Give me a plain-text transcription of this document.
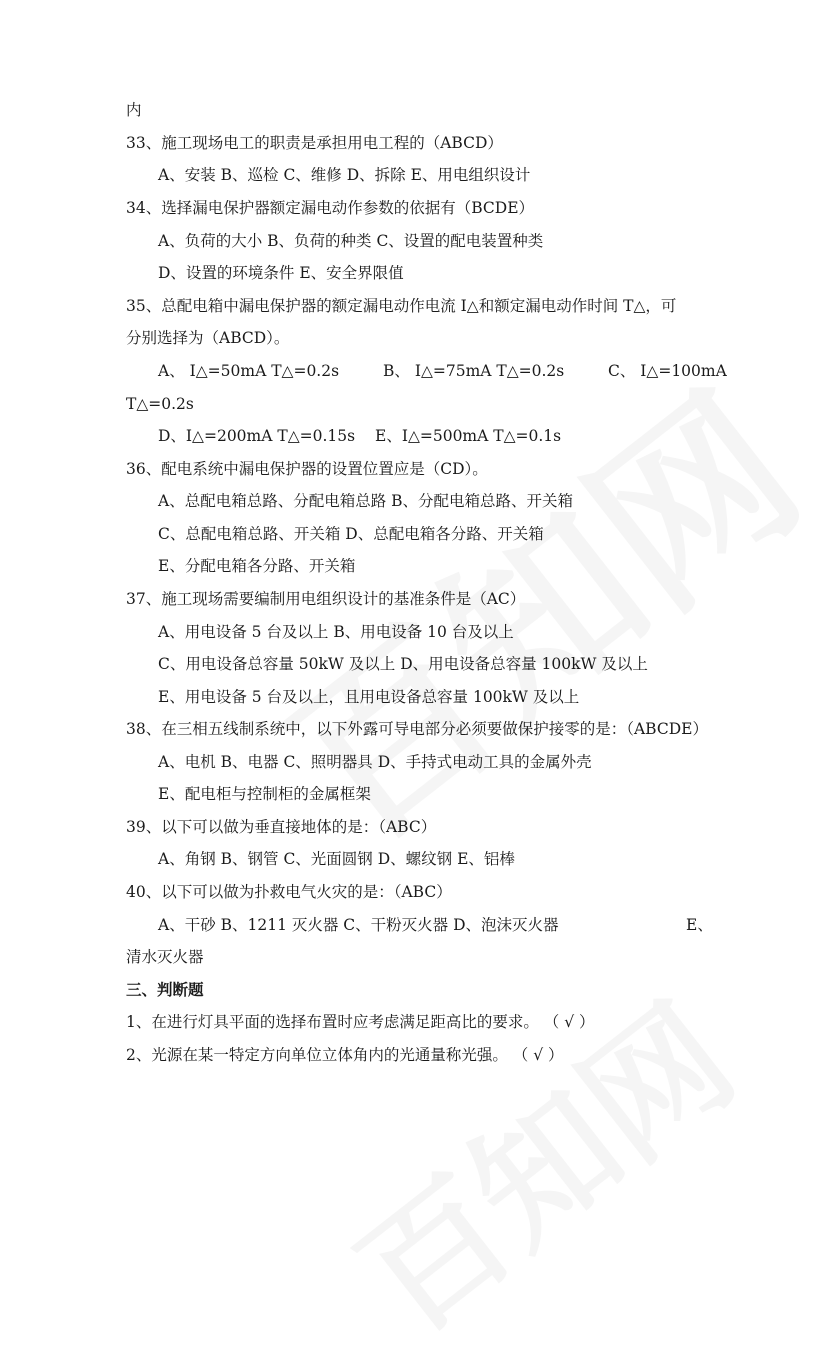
内
33、施工现场电工的职责是承担用电工程的（ABCD）
A、安装 B、巡检 C、维修 D、拆除 E、用电组织设计
34、选择漏电保护器额定漏电动作参数的依据有（BCDE）
A、负荷的大小 B、负荷的种类 C、设置的配电装置种类
D、设置的环境条件 E、安全界限值
35、总配电箱中漏电保护器的额定漏电动作电流 I△和额定漏电动作时间 T△，可
分别选择为（ABCD）。
A、 I△=50mA T△=0.2s	B、 I△=75mA T△=0.2s	C、 I△=100mA
T△=0.2s
D、I△=200mA T△=0.15s E、I△=500mA T△=0.1s
36、配电系统中漏电保护器的设置位置应是（CD）。
A、总配电箱总路、分配电箱总路 B、分配电箱总路、开关箱
C、总配电箱总路、开关箱 D、总配电箱各分路、开关箱
E、分配电箱各分路、开关箱
37、施工现场需要编制用电组织设计的基准条件是（AC）
A、用电设备 5 台及以上 B、用电设备 10 台及以上
C、用电设备总容量 50kW 及以上 D、用电设备总容量 100kW 及以上
E、用电设备 5 台及以上，且用电设备总容量 100kW 及以上
38、在三相五线制系统中，以下外露可导电部分必须要做保护接零的是：（ABCDE）
A、电机 B、电器 C、照明器具 D、手持式电动工具的金属外壳
E、配电柜与控制柜的金属框架
39、以下可以做为垂直接地体的是：（ABC）
A、角钢 B、钢管 C、光面圆钢 D、螺纹钢 E、铝棒
40、以下可以做为扑救电气火灾的是：（ABC）
A、干砂 B、1211 灭火器 C、干粉灭火器 D、泡沫灭火器	E、
清水灭火器
三、判断题
1、在进行灯具平面的选择布置时应考虑满足距高比的要求。 （ √ ）
2、光源在某一特定方向单位立体角内的光通量称光强。 （ √ ）
